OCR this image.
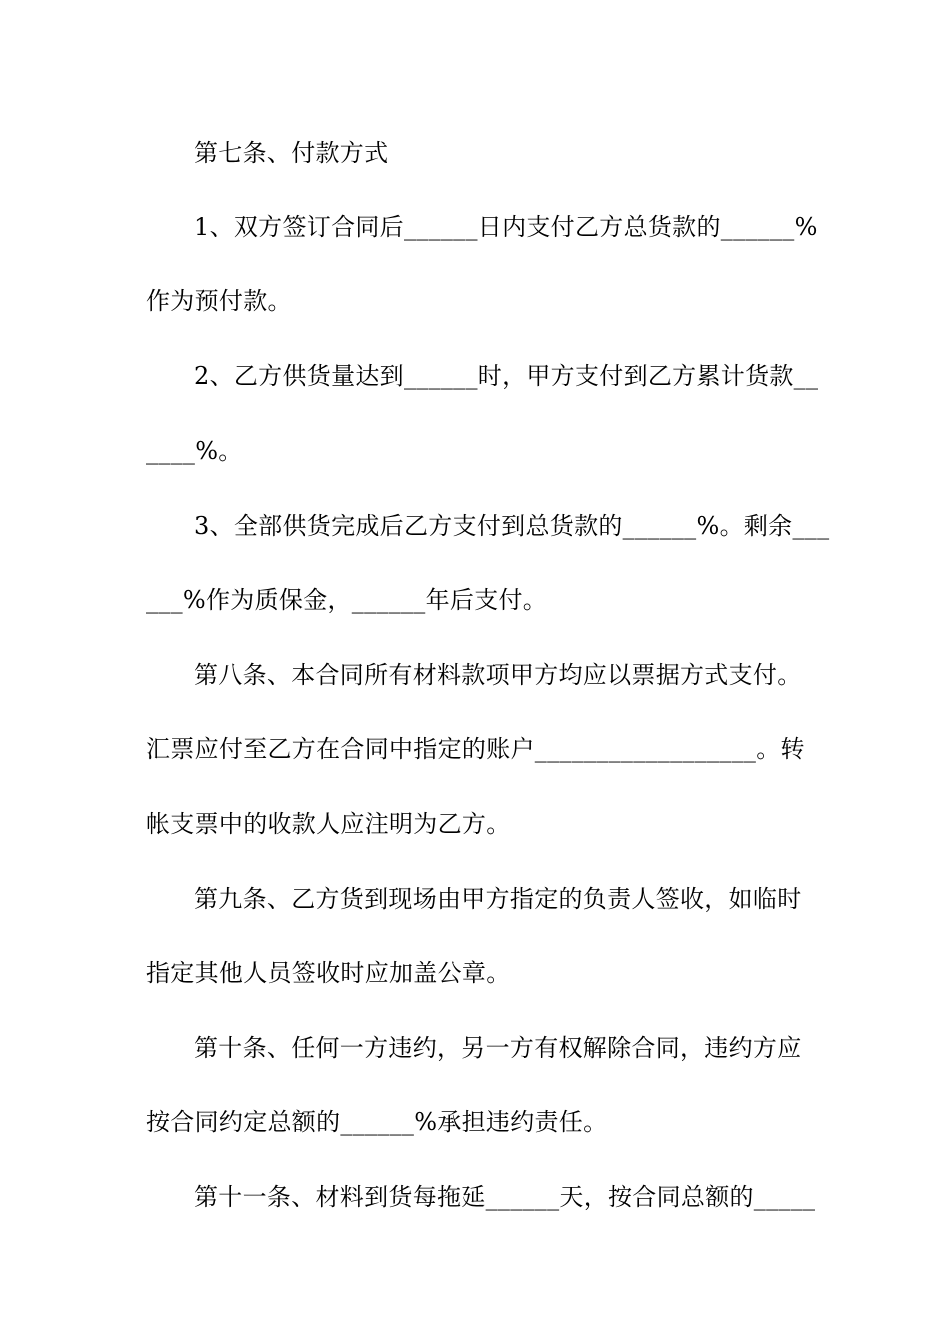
第七条、付款方式
1、双方签订合同后______日内支付乙方总货款的______%
作为预付款。
2、乙方供货量达到______时，甲方支付到乙方累计货款__
____%。
3、全部供货完成后乙方支付到总货款的______%。剩余___
___%作为质保金，______年后支付。
第八条、本合同所有材料款项甲方均应以票据方式支付。
汇票应付至乙方在合同中指定的账户__________________。转
帐支票中的收款人应注明为乙方。
第九条、乙方货到现场由甲方指定的负责人签收，如临时
指定其他人员签收时应加盖公章。
第十条、任何一方违约，另一方有权解除合同，违约方应
按合同约定总额的______%承担违约责任。
第十一条、材料到货每拖延______天，按合同总额的_____
